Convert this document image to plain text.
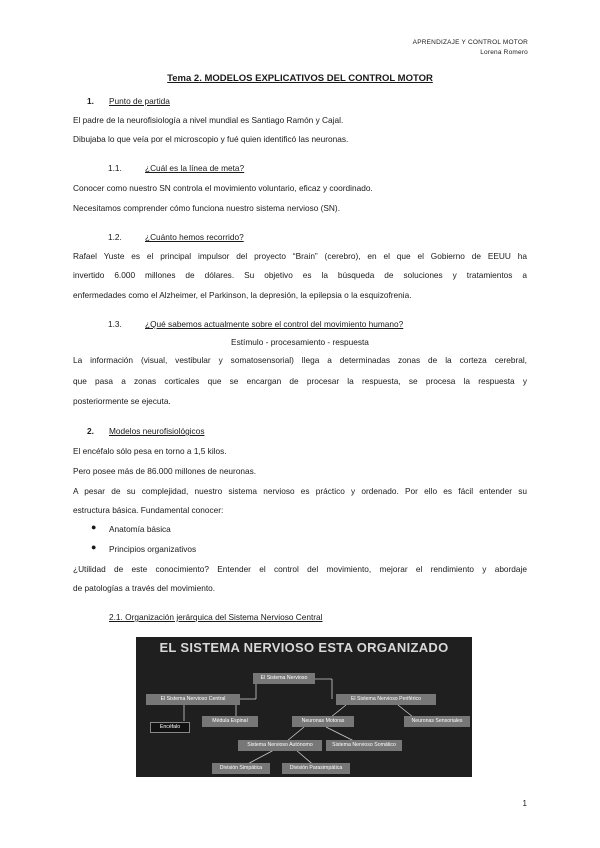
APRENDIZAJE Y CONTROL MOTOR
Lorena Romero
Tema 2. MODELOS EXPLICATIVOS DEL CONTROL MOTOR
1. Punto de partida
El padre de la neurofisiología a nivel mundial es Santiago Ramón y Cajal.
Dibujaba lo que veía por el microscopio y fué quien identificó las neuronas.
1.1.	¿Cuál es la línea de meta?
Conocer como nuestro SN controla el movimiento voluntario, eficaz y coordinado.
Necesitamos comprender cómo funciona nuestro sistema nervioso (SN).
1.2.	¿Cuánto hemos recorrido?
Rafael Yuste es el principal impulsor del proyecto “Brain” (cerebro), en el que el Gobierno de EEUU ha
invertido 6.000 millones de dólares. Su objetivo es la búsqueda de soluciones y tratamientos a
enfermedades como el Alzheimer, el Parkinson, la depresión, la epilepsia o la esquizofrenia.
1.3.	¿Qué sabemos actualmente sobre el control del movimiento humano?
Estímulo - procesamiento - respuesta
La información (visual, vestibular y somatosensorial) llega a determinadas zonas de la corteza cerebral,
que pasa a zonas corticales que se encargan de procesar la respuesta, se procesa la respuesta y
posteriormente se ejecuta.
2. Modelos neurofisiológicos
El encéfalo sólo pesa en torno a 1,5 kilos.
Pero posee más de 86.000 millones de neuronas.
A pesar de su complejidad, nuestro sistema nervioso es práctico y ordenado. Por ello es fácil entender su
estructura básica. Fundamental conocer:
● Anatomía básica
● Principios organizativos
¿Utilidad de este conocimiento? Entender el control del movimiento, mejorar el rendimiento y abordaje
de patologías a través del movimiento.
2.1. Organización jerárquica del Sistema Nervioso Central
EL SISTEMA NERVIOSO ESTA ORGANIZADO
El Sistema Nervioso
El Sistema Nervioso Central	El Sistema Nervioso Periférico
Encéfalo
Médula Espinal	Neuronas Motoras	Neuronas Sensoriales
Sistema Nervioso Autónomo	Sistema Nervioso Somático
División Simpática	División Parasimpática
1
